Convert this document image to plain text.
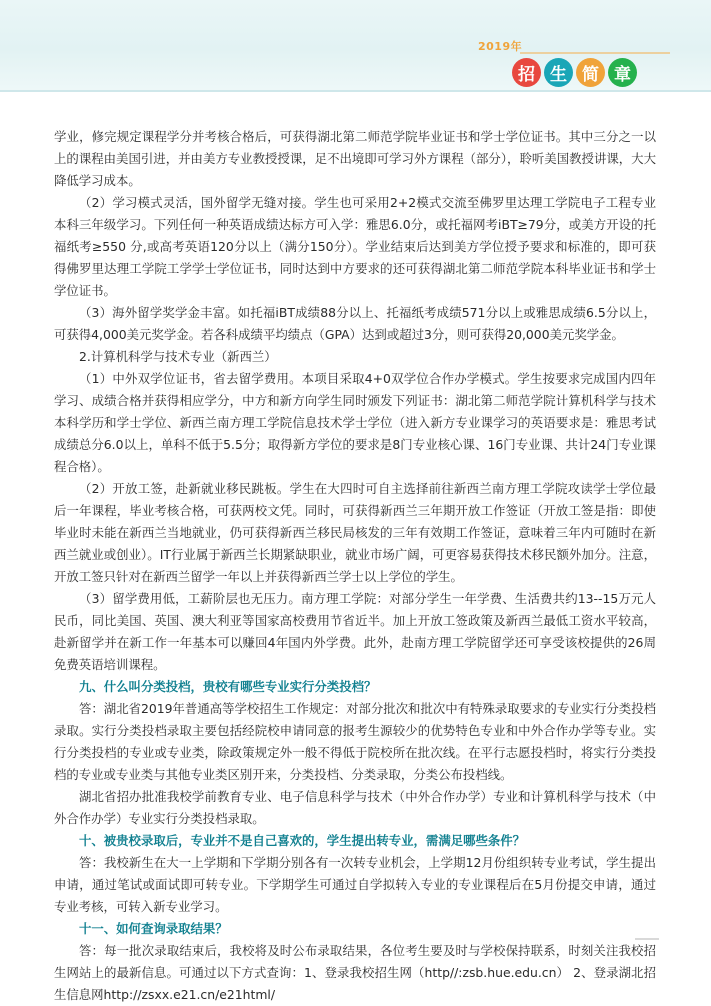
2019年
招 生 简 章

学业，修完规定课程学分并考核合格后，可获得湖北第二师范学院毕业证书和学士学位证书。其中三分之一以上的课程由美国引进，并由美方专业教授授课，足不出境即可学习外方课程（部分），聆听美国教授讲课，大大降低学习成本。

（2）学习模式灵活，国外留学无缝对接。学生也可采用2+2模式交流至佛罗里达理工学院电子工程专业本科三年级学习。下列任何一种英语成绩达标方可入学：雅思6.0分，或托福网考iBT≥79分，或美方开设的托福纸考≥550 分,或高考英语120分以上（满分150分）。学业结束后达到美方学位授予要求和标准的，即可获得佛罗里达理工学院工学学士学位证书，同时达到中方要求的还可获得湖北第二师范学院本科毕业证书和学士学位证书。

（3）海外留学奖学金丰富。如托福iBT成绩88分以上、托福纸考成绩571分以上或雅思成绩6.5分以上，可获得4,000美元奖学金。若各科成绩平均绩点（GPA）达到或超过3分，则可获得20,000美元奖学金。

2.计算机科学与技术专业（新西兰）

（1）中外双学位证书，省去留学费用。本项目采取4+0双学位合作办学模式。学生按要求完成国内四年学习、成绩合格并获得相应学分，中方和新方向学生同时颁发下列证书：湖北第二师范学院计算机科学与技术本科学历和学士学位、新西兰南方理工学院信息技术学士学位（进入新方专业课学习的英语要求是：雅思考试成绩总分6.0以上，单科不低于5.5分；取得新方学位的要求是8门专业核心课、16门专业课、共计24门专业课程合格）。

（2）开放工签，赴新就业移民跳板。学生在大四时可自主选择前往新西兰南方理工学院攻读学士学位最后一年课程，毕业考核合格，可获两校文凭。同时，可获得新西兰三年期开放工作签证（开放工签是指：即使毕业时未能在新西兰当地就业，仍可获得新西兰移民局核发的三年有效期工作签证，意味着三年内可随时在新西兰就业或创业）。IT行业属于新西兰长期紧缺职业，就业市场广阔，可更容易获得技术移民额外加分。注意，开放工签只针对在新西兰留学一年以上并获得新西兰学士以上学位的学生。

（3）留学费用低，工薪阶层也无压力。南方理工学院：对部分学生一年学费、生活费共约13--15万元人民币，同比美国、英国、澳大利亚等国家高校费用节省近半。加上开放工签政策及新西兰最低工资水平较高，赴新留学并在新工作一年基本可以赚回4年国内外学费。此外，赴南方理工学院留学还可享受该校提供的26周免费英语培训课程。

九、什么叫分类投档，贵校有哪些专业实行分类投档？

答：湖北省2019年普通高等学校招生工作规定：对部分批次和批次中有特殊录取要求的专业实行分类投档录取。实行分类投档录取主要包括经院校申请同意的报考生源较少的优势特色专业和中外合作办学等专业。实行分类投档的专业或专业类，除政策规定外一般不得低于院校所在批次线。在平行志愿投档时，将实行分类投档的专业或专业类与其他专业类区别开来，分类投档、分类录取，分类公布投档线。

湖北省招办批准我校学前教育专业、电子信息科学与技术（中外合作办学）专业和计算机科学与技术（中外合作办学）专业实行分类投档录取。

十、被贵校录取后，专业并不是自己喜欢的，学生提出转专业，需满足哪些条件？

答：我校新生在大一上学期和下学期分别各有一次转专业机会，上学期12月份组织转专业考试，学生提出申请，通过笔试或面试即可转专业。下学期学生可通过自学拟转入专业的专业课程后在5月份提交申请，通过专业考核，可转入新专业学习。

十一、如何查询录取结果？

答：每一批次录取结束后，我校将及时公布录取结果，各位考生要及时与学校保持联系，时刻关注我校招生网站上的最新信息。可通过以下方式查询：1、登录我校招生网（http//:zsb.hue.edu.cn） 2、登录湖北招生信息网http://zsxx.e21.cn/e21html/
